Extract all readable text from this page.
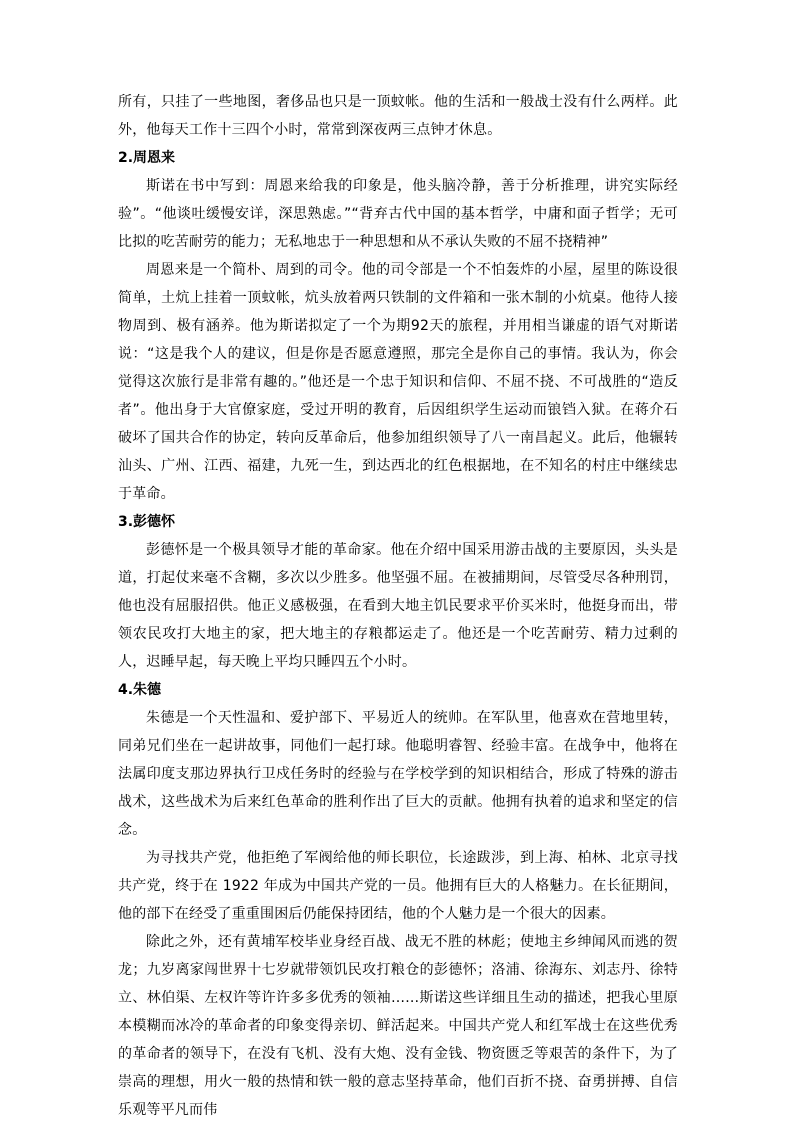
所有，只挂了一些地图，奢侈品也只是一顶蚊帐。他的生活和一般战士没有什么两样。此外，他每天工作十三四个小时，常常到深夜两三点钟才休息。

2.周恩来

斯诺在书中写到：周恩来给我的印象是，他头脑冷静，善于分析推理，讲究实际经验”。“他谈吐缓慢安详，深思熟虑。”“背弃古代中国的基本哲学，中庸和面子哲学；无可比拟的吃苦耐劳的能力；无私地忠于一种思想和从不承认失败的不屈不挠精神”

周恩来是一个简朴、周到的司令。他的司令部是一个不怕轰炸的小屋，屋里的陈设很简单，土炕上挂着一顶蚊帐，炕头放着两只铁制的文件箱和一张木制的小炕桌。他待人接物周到、极有涵养。他为斯诺拟定了一个为期92天的旅程，并用相当谦虚的语气对斯诺说：“这是我个人的建议，但是你是否愿意遵照，那完全是你自己的事情。我认为，你会觉得这次旅行是非常有趣的。”他还是一个忠于知识和信仰、不屈不挠、不可战胜的“造反者”。他出身于大官僚家庭，受过开明的教育，后因组织学生运动而锒铛入狱。在蒋介石破坏了国共合作的协定，转向反革命后，他参加组织领导了八一南昌起义。此后，他辗转汕头、广州、江西、福建，九死一生，到达西北的红色根据地，在不知名的村庄中继续忠于革命。

3.彭德怀

彭德怀是一个极具领导才能的革命家。他在介绍中国采用游击战的主要原因，头头是道，打起仗来毫不含糊，多次以少胜多。他坚强不屈。在被捕期间，尽管受尽各种刑罚，他也没有屈服招供。他正义感极强，在看到大地主饥民要求平价买米时，他挺身而出，带领农民攻打大地主的家，把大地主的存粮都运走了。他还是一个吃苦耐劳、精力过剩的人，迟睡早起，每天晚上平均只睡四五个小时。

4.朱德

朱德是一个天性温和、爱护部下、平易近人的统帅。在军队里，他喜欢在营地里转，同弟兄们坐在一起讲故事，同他们一起打球。他聪明睿智、经验丰富。在战争中，他将在法属印度支那边界执行卫戍任务时的经验与在学校学到的知识相结合，形成了特殊的游击战术，这些战术为后来红色革命的胜利作出了巨大的贡献。他拥有执着的追求和坚定的信念。

为寻找共产党，他拒绝了军阀给他的师长职位，长途跋涉，到上海、柏林、北京寻找共产党，终于在 1922 年成为中国共产党的一员。他拥有巨大的人格魅力。在长征期间，他的部下在经受了重重围困后仍能保持团结，他的个人魅力是一个很大的因素。

除此之外，还有黄埔军校毕业身经百战、战无不胜的林彪；使地主乡绅闻风而逃的贺龙；九岁离家闯世界十七岁就带领饥民攻打粮仓的彭德怀；洛浦、徐海东、刘志丹、徐特立、林伯渠、左权许等许许多多优秀的领袖……斯诺这些详细且生动的描述，把我心里原本模糊而冰冷的革命者的印象变得亲切、鲜活起来。中国共产党人和红军战士在这些优秀的革命者的领导下，在没有飞机、没有大炮、没有金钱、物资匮乏等艰苦的条件下，为了崇高的理想，用火一般的热情和铁一般的意志坚持革命，他们百折不挠、奋勇拼搏、自信乐观等平凡而伟
